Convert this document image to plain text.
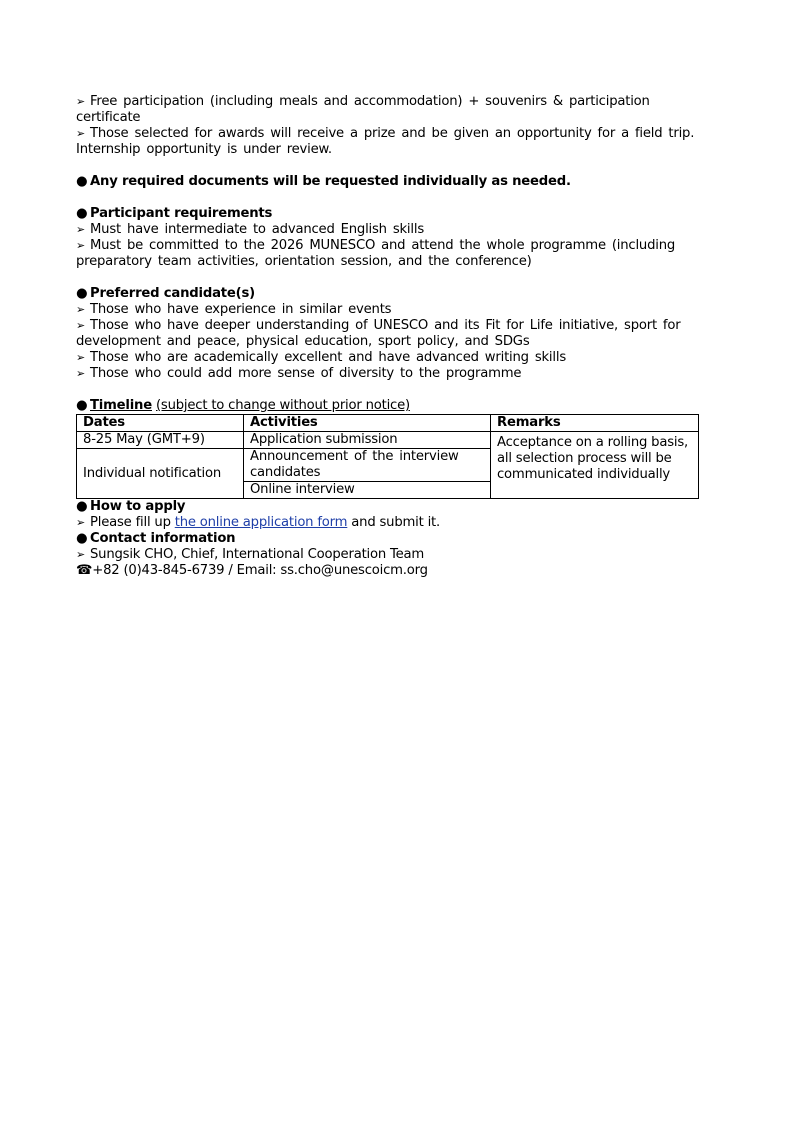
➢ Free participation (including meals and accommodation) + souvenirs & participation certificate
➢ Those selected for awards will receive a prize and be given an opportunity for a field trip. Internship opportunity is under review.
● Any required documents will be requested individually as needed.
● Participant requirements
➢ Must have intermediate to advanced English skills
➢ Must be committed to the 2026 MUNESCO and attend the whole programme (including preparatory team activities, orientation session, and the conference)
● Preferred candidate(s)
➢ Those who have experience in similar events
➢ Those who have deeper understanding of UNESCO and its Fit for Life initiative, sport for development and peace, physical education, sport policy, and SDGs
➢ Those who are academically excellent and have advanced writing skills
➢ Those who could add more sense of diversity to the programme
● Timeline (subject to change without prior notice)
Dates	Activities	Remarks
8-25 May (GMT+9)	Application submission	Acceptance on a rolling basis, all selection process will be communicated individually
Individual notification	Announcement of the interview candidates	
	Online interview	
● How to apply
➢ Please fill up the online application form and submit it.
● Contact information
➢ Sungsik CHO, Chief, International Cooperation Team
☎+82 (0)43-845-6739 / Email: ss.cho@unescoicm.org
